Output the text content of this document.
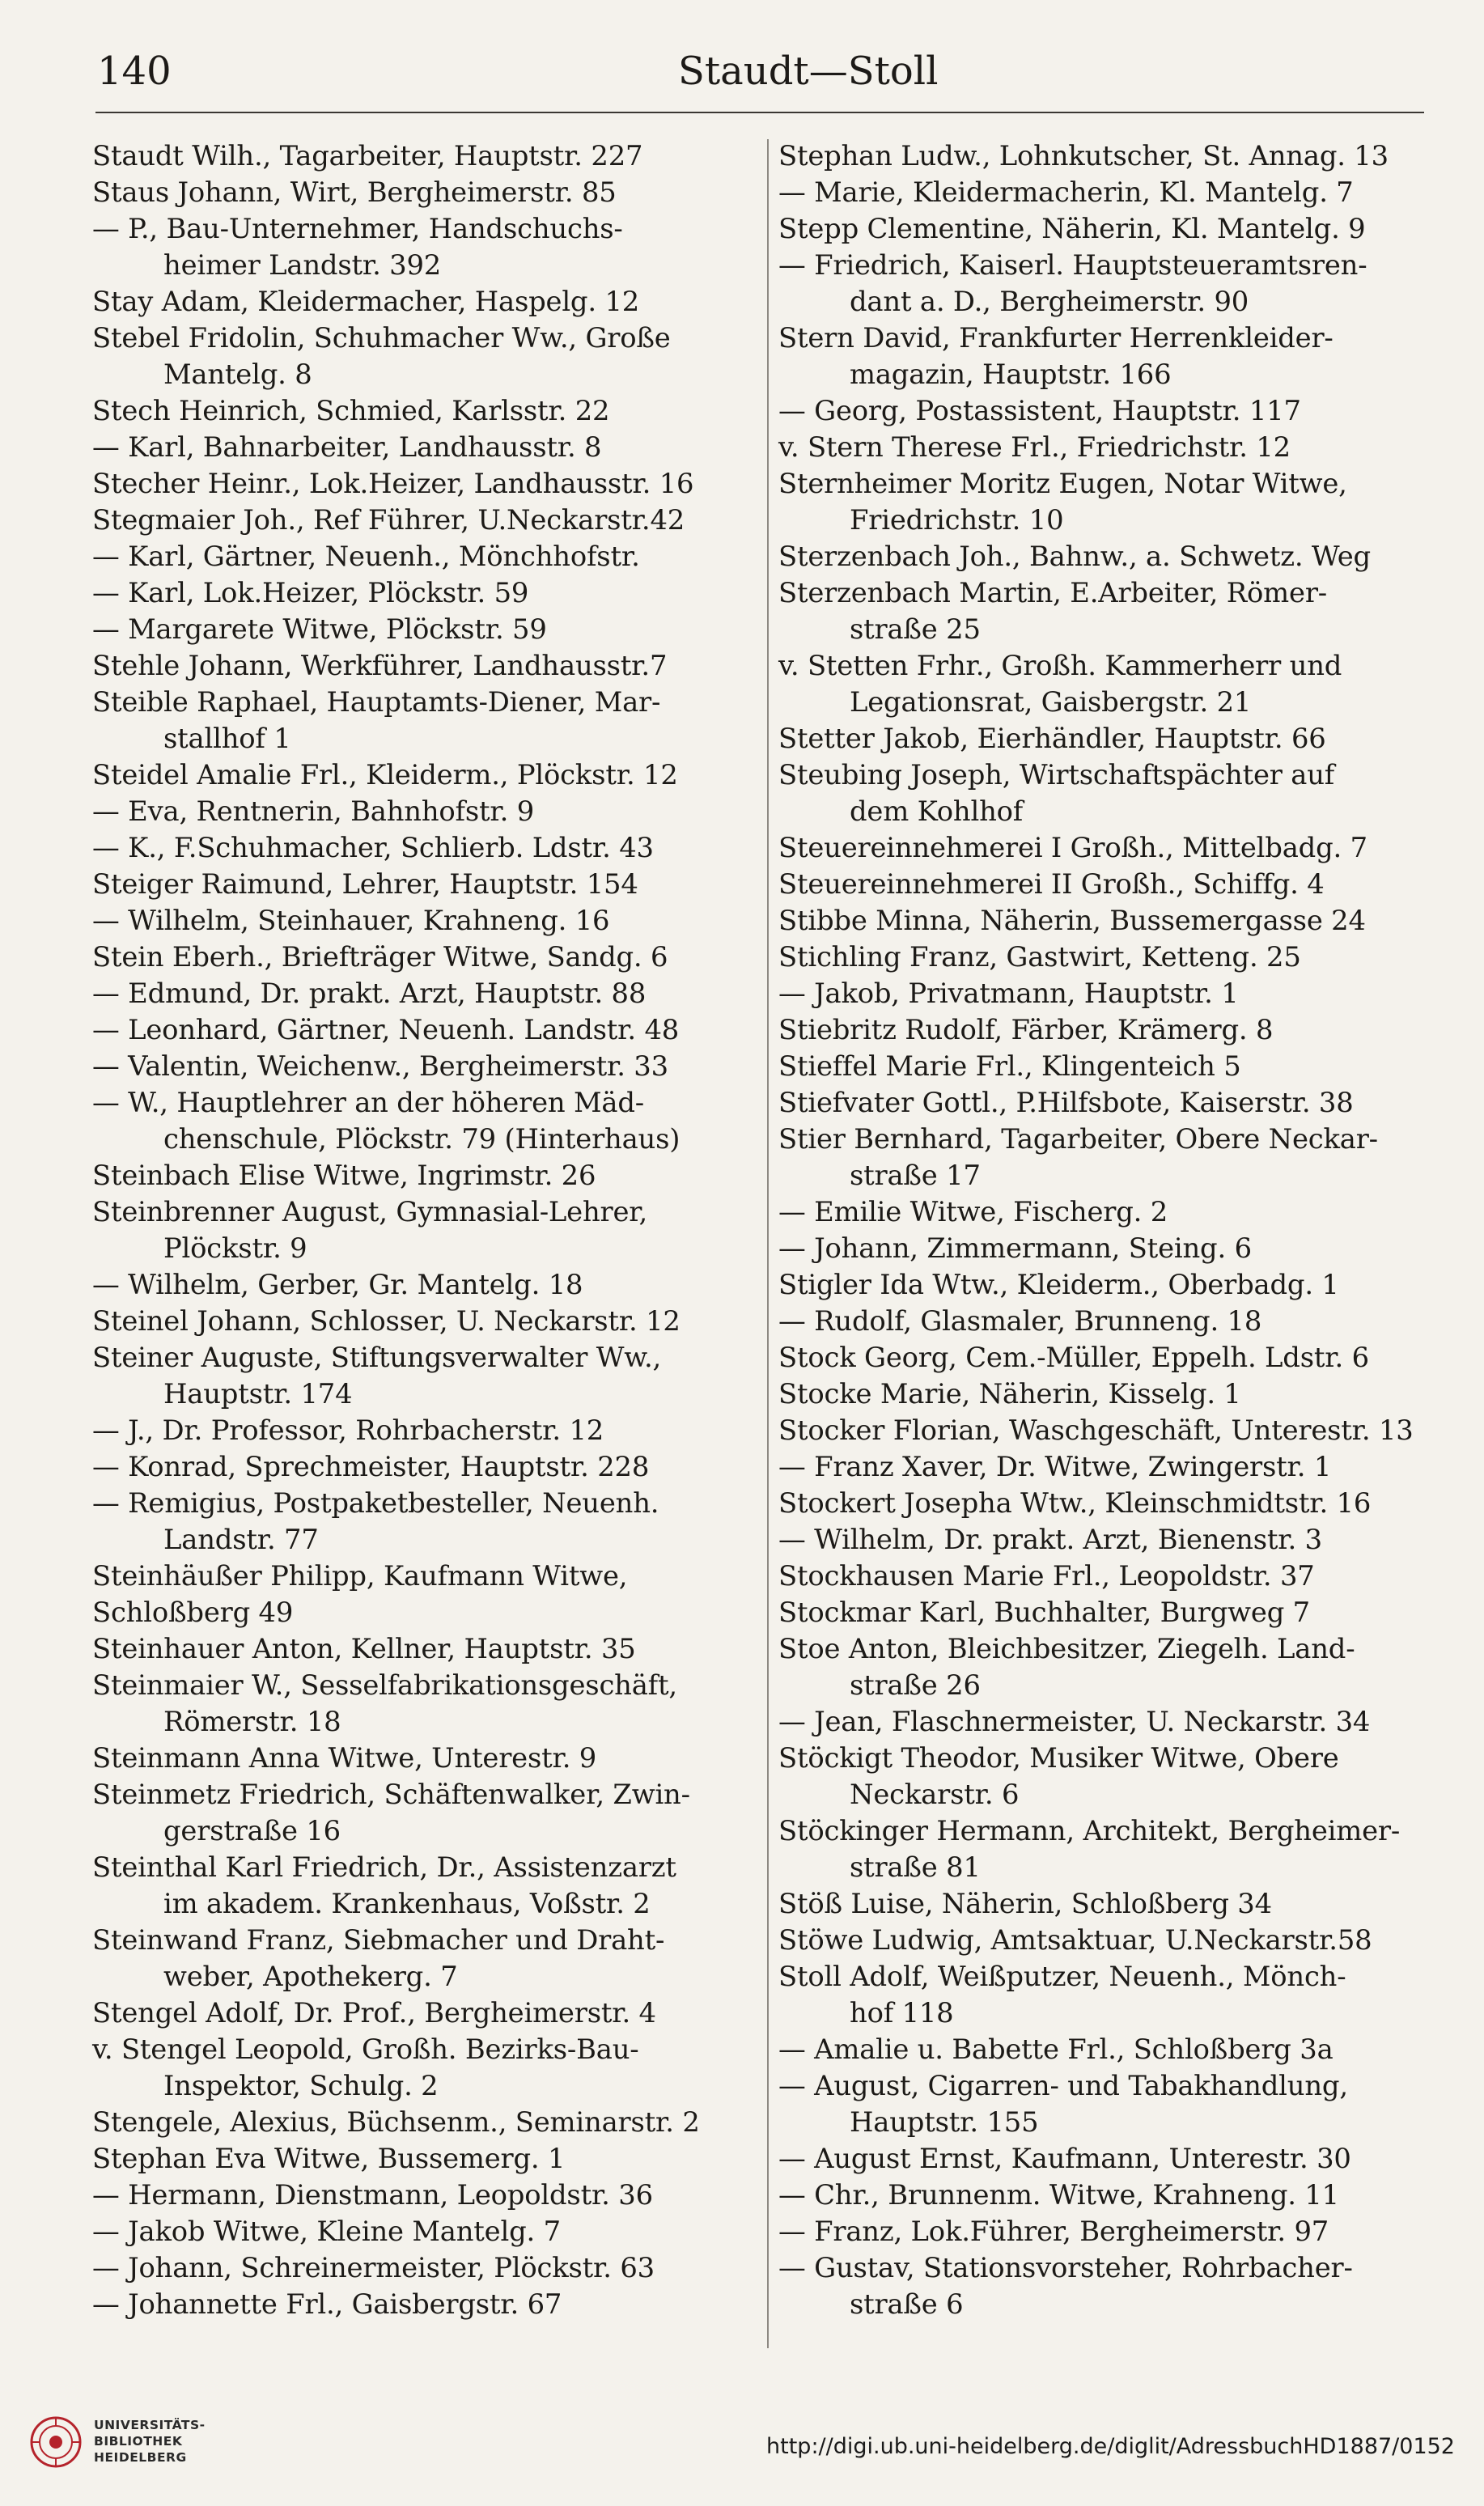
140	Staudt—Stoll
Staudt Wilh., Tagarbeiter, Hauptstr. 227
Staus Johann, Wirt, Bergheimerstr. 85
— P., Bau-Unternehmer, Handschuchs-
heimer Landstr. 392
Stay Adam, Kleidermacher, Haspelg. 12
Stebel Fridolin, Schuhmacher Ww., Große
Mantelg. 8
Stech Heinrich, Schmied, Karlsstr. 22
— Karl, Bahnarbeiter, Landhausstr. 8
Stecher Heinr., Lok.Heizer, Landhausstr. 16
Stegmaier Joh., Ref Führer, U.Neckarstr.42
— Karl, Gärtner, Neuenh., Mönchhofstr.
— Karl, Lok.Heizer, Plöckstr. 59
— Margarete Witwe, Plöckstr. 59
Stehle Johann, Werkführer, Landhausstr.7
Steible Raphael, Hauptamts-Diener, Mar-
stallhof 1
Steidel Amalie Frl., Kleiderm., Plöckstr. 12
— Eva, Rentnerin, Bahnhofstr. 9
— K., F.Schuhmacher, Schlierb. Ldstr. 43
Steiger Raimund, Lehrer, Hauptstr. 154
— Wilhelm, Steinhauer, Krahneng. 16
Stein Eberh., Briefträger Witwe, Sandg. 6
— Edmund, Dr. prakt. Arzt, Hauptstr. 88
— Leonhard, Gärtner, Neuenh. Landstr. 48
— Valentin, Weichenw., Bergheimerstr. 33
— W., Hauptlehrer an der höheren Mäd-
chenschule, Plöckstr. 79 (Hinterhaus)
Steinbach Elise Witwe, Ingrimstr. 26
Steinbrenner August, Gymnasial-Lehrer,
Plöckstr. 9
— Wilhelm, Gerber, Gr. Mantelg. 18
Steinel Johann, Schlosser, U. Neckarstr. 12
Steiner Auguste, Stiftungsverwalter Ww.,
Hauptstr. 174
— J., Dr. Professor, Rohrbacherstr. 12
— Konrad, Sprechmeister, Hauptstr. 228
— Remigius, Postpaketbesteller, Neuenh.
Landstr. 77
Steinhäußer Philipp, Kaufmann Witwe,
Schloßberg 49
Steinhauer Anton, Kellner, Hauptstr. 35
Steinmaier W., Sesselfabrikationsgeschäft,
Römerstr. 18
Steinmann Anna Witwe, Unterestr. 9
Steinmetz Friedrich, Schäftenwalker, Zwin-
gerstraße 16
Steinthal Karl Friedrich, Dr., Assistenzarzt
im akadem. Krankenhaus, Voßstr. 2
Steinwand Franz, Siebmacher und Draht-
weber, Apothekerg. 7
Stengel Adolf, Dr. Prof., Bergheimerstr. 4
v. Stengel Leopold, Großh. Bezirks-Bau-
Inspektor, Schulg. 2
Stengele, Alexius, Büchsenm., Seminarstr. 2
Stephan Eva Witwe, Bussemerg. 1
— Hermann, Dienstmann, Leopoldstr. 36
— Jakob Witwe, Kleine Mantelg. 7
— Johann, Schreinermeister, Plöckstr. 63
— Johannette Frl., Gaisbergstr. 67
Stephan Ludw., Lohnkutscher, St. Annag. 13
— Marie, Kleidermacherin, Kl. Mantelg. 7
Stepp Clementine, Näherin, Kl. Mantelg. 9
— Friedrich, Kaiserl. Hauptsteueramtsren-
dant a. D., Bergheimerstr. 90
Stern David, Frankfurter Herrenkleider-
magazin, Hauptstr. 166
— Georg, Postassistent, Hauptstr. 117
v. Stern Therese Frl., Friedrichstr. 12
Sternheimer Moritz Eugen, Notar Witwe,
Friedrichstr. 10
Sterzenbach Joh., Bahnw., a. Schwetz. Weg
Sterzenbach Martin, E.Arbeiter, Römer-
straße 25
v. Stetten Frhr., Großh. Kammerherr und
Legationsrat, Gaisbergstr. 21
Stetter Jakob, Eierhändler, Hauptstr. 66
Steubing Joseph, Wirtschaftspächter auf
dem Kohlhof
Steuereinnehmerei I Großh., Mittelbadg. 7
Steuereinnehmerei II Großh., Schiffg. 4
Stibbe Minna, Näherin, Bussemergasse 24
Stichling Franz, Gastwirt, Ketteng. 25
— Jakob, Privatmann, Hauptstr. 1
Stiebritz Rudolf, Färber, Krämerg. 8
Stieffel Marie Frl., Klingenteich 5
Stiefvater Gottl., P.Hilfsbote, Kaiserstr. 38
Stier Bernhard, Tagarbeiter, Obere Neckar-
straße 17
— Emilie Witwe, Fischerg. 2
— Johann, Zimmermann, Steing. 6
Stigler Ida Wtw., Kleiderm., Oberbadg. 1
— Rudolf, Glasmaler, Brunneng. 18
Stock Georg, Cem.-Müller, Eppelh. Ldstr. 6
Stocke Marie, Näherin, Kisselg. 1
Stocker Florian, Waschgeschäft, Unterestr. 13
— Franz Xaver, Dr. Witwe, Zwingerstr. 1
Stockert Josepha Wtw., Kleinschmidtstr. 16
— Wilhelm, Dr. prakt. Arzt, Bienenstr. 3
Stockhausen Marie Frl., Leopoldstr. 37
Stockmar Karl, Buchhalter, Burgweg 7
Stoe Anton, Bleichbesitzer, Ziegelh. Land-
straße 26
— Jean, Flaschnermeister, U. Neckarstr. 34
Stöckigt Theodor, Musiker Witwe, Obere
Neckarstr. 6
Stöckinger Hermann, Architekt, Bergheimer-
straße 81
Stöß Luise, Näherin, Schloßberg 34
Stöwe Ludwig, Amtsaktuar, U.Neckarstr.58
Stoll Adolf, Weißputzer, Neuenh., Mönch-
hof 118
— Amalie u. Babette Frl., Schloßberg 3a
— August, Cigarren- und Tabakhandlung,
Hauptstr. 155
— August Ernst, Kaufmann, Unterestr. 30
— Chr., Brunnenm. Witwe, Krahneng. 11
— Franz, Lok.Führer, Bergheimerstr. 97
— Gustav, Stationsvorsteher, Rohrbacher-
straße 6
UNIVERSITÄTS-
BIBLIOTHEK
HEIDELBERG	http://digi.ub.uni-heidelberg.de/diglit/AdressbuchHD1887/0152
